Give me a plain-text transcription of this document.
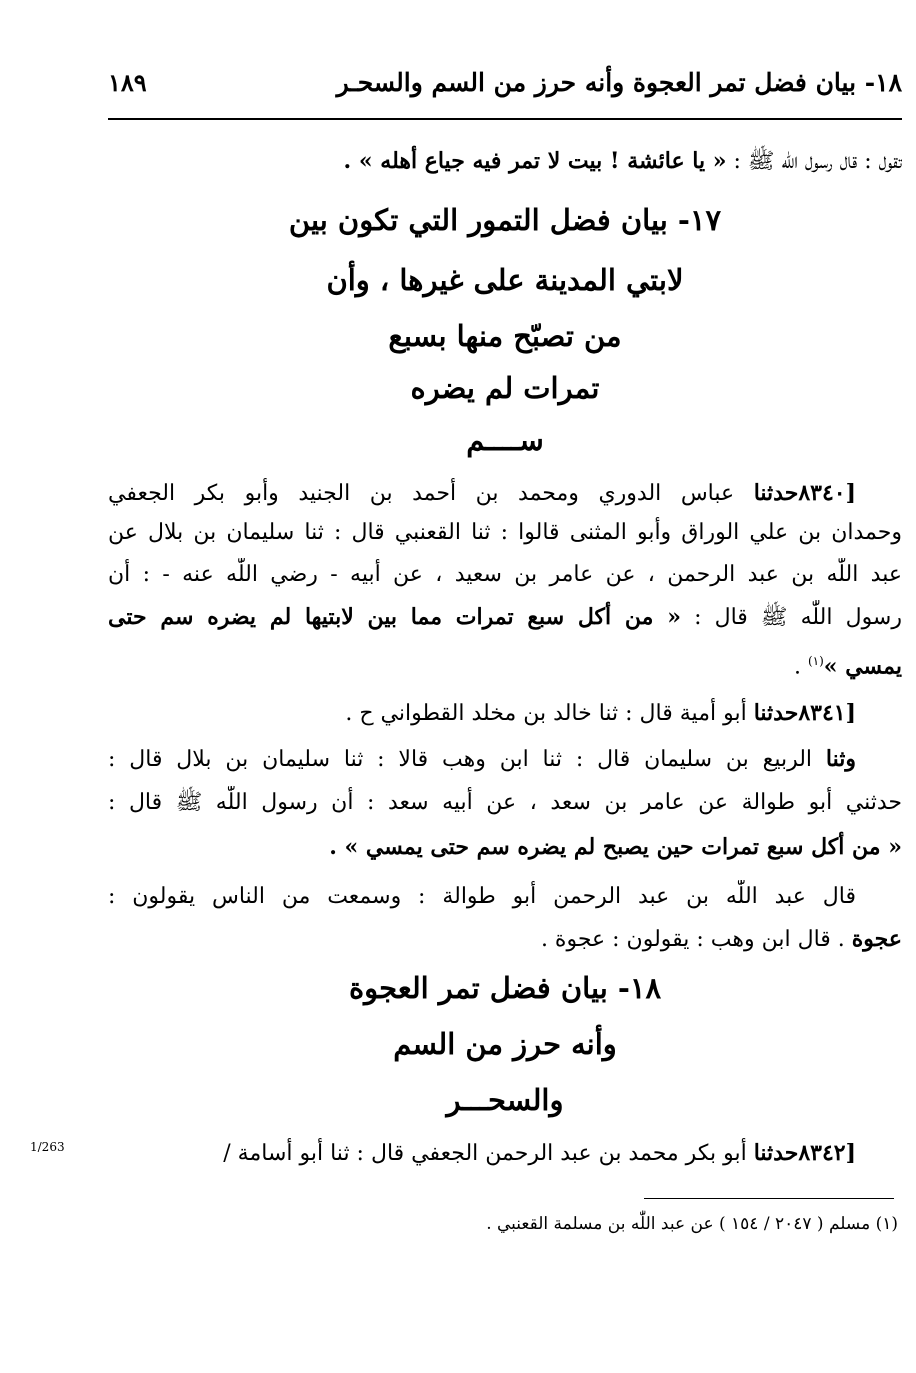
١٨- بيان فضل تمر العجوة وأنه حرز من السم والسحـر
١٨٩
تقول : قال رسول اللّٰه ﷺ : « يا عائشة ! بيت لا تمر فيه جياع أهله » .
١٧- بيان فضل التمور التي تكون بين
لابتي المدينة على غيرها ، وأن
من تصبّح منها بسبع
تمرات لم يضره
ســــم
[٨٣٤٠حدثنا عباس الدوري ومحمد بن أحمد بن الجنيد وأبو بكر الجعفي
وحمدان بن علي الوراق وأبو المثنى قالوا : ثنا القعنبي قال : ثنا سليمان بن بلال عن
عبد اللّٰه بن عبد الرحمن ، عن عامر بن سعيد ، عن أبيه - رضي اللّٰه عنه - : أن
رسول اللّٰه ﷺ قال : « من أكل سبع تمرات مما بين لابتيها لم يضره سم حتى
يمسي »$^{(١)}$ .
[٨٣٤١حدثنا أبو أمية قال : ثنا خالد بن مخلد القطواني ح .
وثنا الربيع بن سليمان قال : ثنا ابن وهب قالا : ثنا سليمان بن بلال قال :
حدثني أبو طوالة عن عامر بن سعد ، عن أبيه سعد : أن رسول اللّٰه ﷺ قال :
« من أكل سبع تمرات حين يصبح لم يضره سم حتى يمسي » .
قال عبد اللّٰه بن عبد الرحمن أبو طوالة : وسمعت من الناس يقولون :
عجوة . قال ابن وهب : يقولون : عجوة .
١٨- بيان فضل تمر العجوة
وأنه حرز من السم
والسحـــر
[٨٣٤٢حدثنا أبو بكر محمد بن عبد الرحمن الجعفي قال : ثنا أبو أسامة /
1/263
(١) مسلم ( ٢٠٤٧ / ١٥٤ ) عن عبد اللّٰه بن مسلمة القعنبي .
